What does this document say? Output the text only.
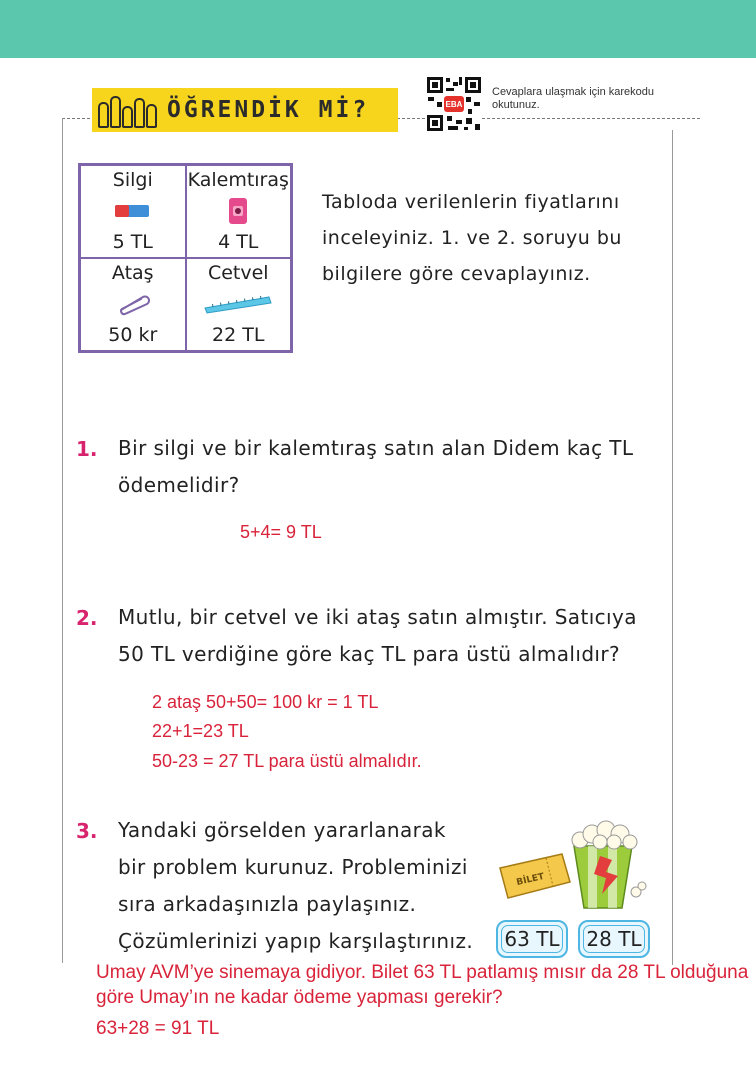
ÖĞRENDİK Mİ?	EBA
Cevaplara ulaşmak için karekodu okutunuz.
Silgi
5 TL
Kalemtıraş
4 TL
Ataş
50 kr
Cetvel
22 TL
Tabloda verilenlerin fiyatlarını inceleyiniz. 1. ve 2. soruyu bu bilgilere göre cevaplayınız.
1. Bir silgi ve bir kalemtıraş satın alan Didem kaç TL ödemelidir?
5+4= 9 TL
2. Mutlu, bir cetvel ve iki ataş satın almıştır. Satıcıya 50 TL verdiğine göre kaç TL para üstü almalıdır?
2 ataş 50+50= 100 kr = 1 TL
22+1=23 TL
50-23 = 27 TL para üstü almalıdır.
3. Yandaki görselden yararlanarak bir problem kurunuz. Probleminizi sıra arkadaşınızla paylaşınız. Çözümlerinizi yapıp karşılaştırınız.
BİLET
63 TL	28 TL
Umay AVM’ye sinemaya gidiyor. Bilet 63 TL patlamış mısır da 28 TL olduğuna göre Umay’ın ne kadar ödeme yapması gerekir?
63+28 = 91 TL
